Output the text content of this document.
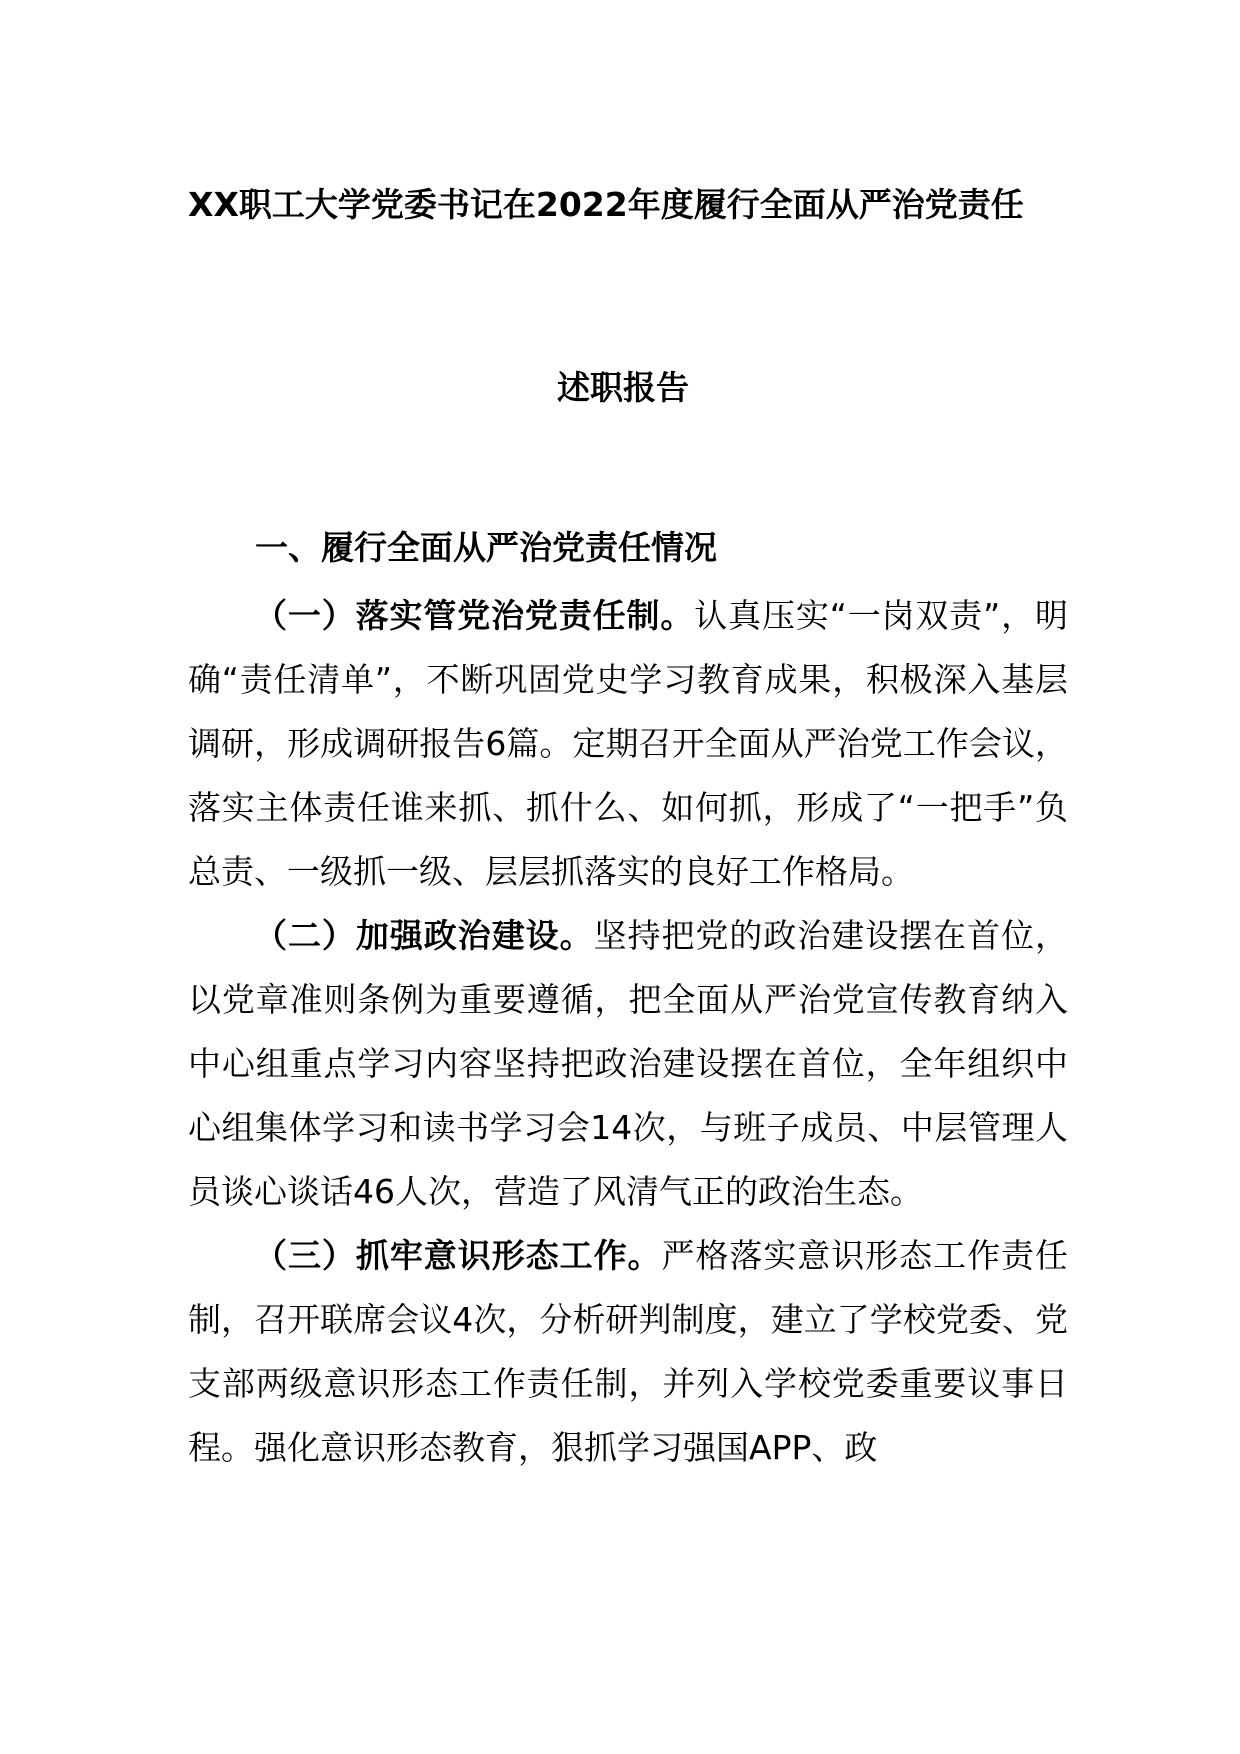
XX职工大学党委书记在2022年度履行全面从严治党责任
述职报告
一、履行全面从严治党责任情况

（一）落实管党治党责任制。认真压实“一岗双责”，明确“责任清单”，不断巩固党史学习教育成果，积极深入基层调研，形成调研报告6篇。定期召开全面从严治党工作会议，落实主体责任谁来抓、抓什么、如何抓，形成了“一把手”负总责、一级抓一级、层层抓落实的良好工作格局。

（二）加强政治建设。坚持把党的政治建设摆在首位，以党章准则条例为重要遵循，把全面从严治党宣传教育纳入中心组重点学习内容坚持把政治建设摆在首位，全年组织中心组集体学习和读书学习会14次，与班子成员、中层管理人员谈心谈话46人次，营造了风清气正的政治生态。

（三）抓牢意识形态工作。严格落实意识形态工作责任制，召开联席会议4次，分析研判制度，建立了学校党委、党支部两级意识形态工作责任制，并列入学校党委重要议事日程。强化意识形态教育，狠抓学习强国APP、政
